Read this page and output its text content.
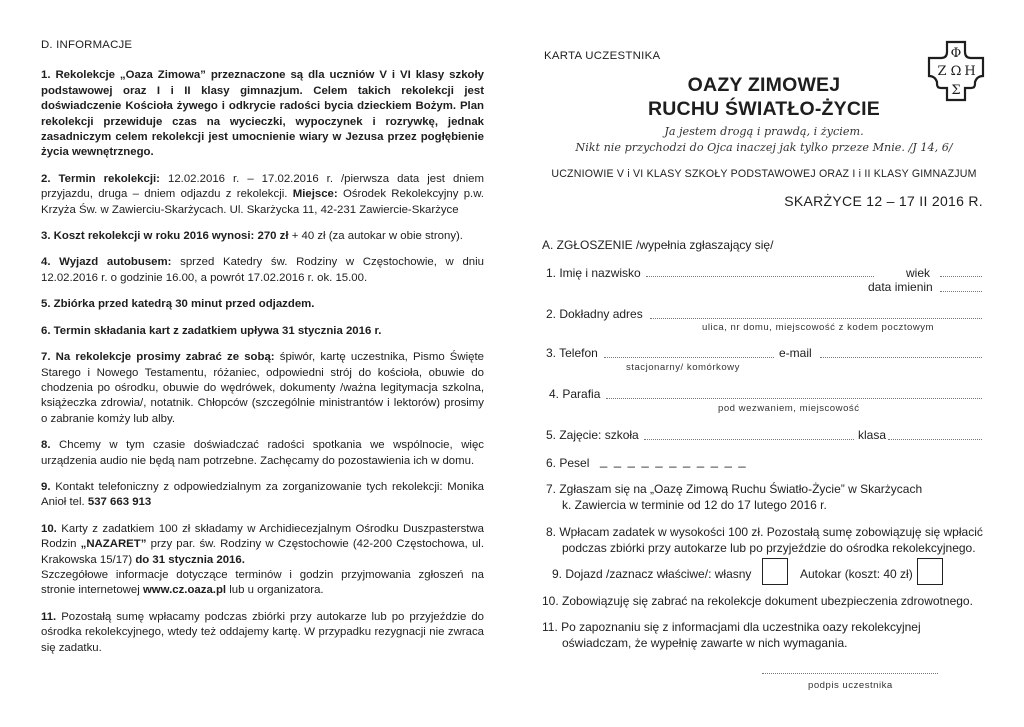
D. INFORMACJE

1. Rekolekcje „Oaza Zimowa” przeznaczone są dla uczniów V i VI klasy szkoły podstawowej oraz I i II klasy gimnazjum. Celem takich rekolekcji jest doświadczenie Kościoła żywego i odkrycie radości bycia dzieckiem Bożym. Plan rekolekcji przewiduje czas na wycieczki, wypoczynek i rozrywkę, jednak zasadniczym celem rekolekcji jest umocnienie wiary w Jezusa przez pogłębienie życia wewnętrznego.

2. Termin rekolekcji: 12.02.2016 r. – 17.02.2016 r. /pierwsza data jest dniem przyjazdu, druga – dniem odjazdu z rekolekcji. Miejsce: Ośrodek Rekolekcyjny p.w. Krzyża Św. w Zawierciu-Skarżycach. Ul. Skarżycka 11, 42-231 Zawiercie-Skarżyce

3. Koszt rekolekcji w roku 2016 wynosi: 270 zł + 40 zł (za autokar w obie strony).

4. Wyjazd autobusem: sprzed Katedry św. Rodziny w Częstochowie, w dniu 12.02.2016 r. o godzinie 16.00, a powrót 17.02.2016 r. ok. 15.00.

5. Zbiórka przed katedrą 30 minut przed odjazdem.

6. Termin składania kart z zadatkiem upływa 31 stycznia 2016 r.

7. Na rekolekcje prosimy zabrać ze sobą: śpiwór, kartę uczestnika, Pismo Święte Starego i Nowego Testamentu, różaniec, odpowiedni strój do kościoła, obuwie do chodzenia po ośrodku, obuwie do wędrówek, dokumenty /ważna legitymacja szkolna, książeczka zdrowia/, notatnik. Chłopców (szczególnie ministrantów i lektorów) prosimy o zabranie komży lub alby.

8. Chcemy w tym czasie doświadczać radości spotkania we wspólnocie, więc urządzenia audio nie będą nam potrzebne. Zachęcamy do pozostawienia ich w domu.

9. Kontakt telefoniczny z odpowiedzialnym za zorganizowanie tych rekolekcji: Monika Anioł tel. 537 663 913

10. Karty z zadatkiem 100 zł składamy w Archidiecezjalnym Ośrodku Duszpasterstwa Rodzin „NAZARET” przy par. św. Rodziny w Częstochowie (42-200 Częstochowa, ul. Krakowska 15/17) do 31 stycznia 2016.

Szczegółowe informacje dotyczące terminów i godzin przyjmowania zgłoszeń na stronie internetowej www.cz.oaza.pl lub u organizatora.

11. Pozostałą sumę wpłacamy podczas zbiórki przy autokarze lub po przyjeździe do ośrodka rekolekcyjnego, wtedy też oddajemy kartę. W przypadku rezygnacji nie zwraca się zadatku.

KARTA UCZESTNIKA	Φ
Ζ Ω Η
Σ
OAZY ZIMOWEJ
RUCHU ŚWIATŁO-ŻYCIE
Ja jestem drogą i prawdą, i życiem.
Nikt nie przychodzi do Ojca inaczej jak tylko przeze Mnie. /J 14, 6/
UCZNIOWIE V i VI KLASY SZKOŁY PODSTAWOWEJ ORAZ I i II KLASY GIMNAZJUM
SKARŻYCE 12 – 17 II 2016 R.
A. ZGŁOSZENIE /wypełnia zgłaszający się/
1. Imię i nazwisko	wiek
data imienin
2. Dokładny adres
ulica, nr domu, miejscowość z kodem pocztowym
3. Telefon	e-mail
stacjonarny/ komórkowy
4. Parafia
pod wezwaniem, miejscowość
5. Zajęcie: szkoła	klasa
6. Pesel _ _ _ _ _ _ _ _ _ _ _
7. Zgłaszam się na „Oazę Zimową Ruchu Światło-Życie” w Skarżycach
k. Zawiercia w terminie od 12 do 17 lutego 2016 r.
8. Wpłacam zadatek w wysokości 100 zł. Pozostałą sumę zobowiązuję się wpłacić
podczas zbiórki przy autokarze lub po przyjeździe do ośrodka rekolekcyjnego.
9. Dojazd /zaznacz właściwe/: własny	Autokar (koszt: 40 zł)
10. Zobowiązuję się zabrać na rekolekcje dokument ubezpieczenia zdrowotnego.
11. Po zapoznaniu się z informacjami dla uczestnika oazy rekolekcyjnej
oświadczam, że wypełnię zawarte w nich wymagania.
podpis uczestnika
